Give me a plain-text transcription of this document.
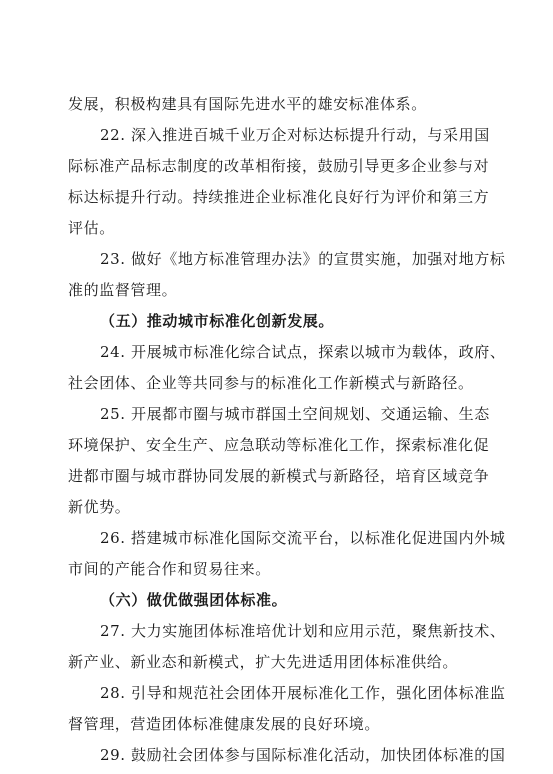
发展，积极构建具有国际先进水平的雄安标准体系。
22. 深入推进百城千业万企对标达标提升行动，与采用国
际标准产品标志制度的改革相衔接，鼓励引导更多企业参与对
标达标提升行动。持续推进企业标准化良好行为评价和第三方
评估。
23. 做好《地方标准管理办法》的宣贯实施，加强对地方标
准的监督管理。
（五）推动城市标准化创新发展。
24. 开展城市标准化综合试点，探索以城市为载体，政府、
社会团体、企业等共同参与的标准化工作新模式与新路径。
25. 开展都市圈与城市群国土空间规划、交通运输、生态
环境保护、安全生产、应急联动等标准化工作，探索标准化促
进都市圈与城市群协同发展的新模式与新路径，培育区域竞争
新优势。
26. 搭建城市标准化国际交流平台，以标准化促进国内外城
市间的产能合作和贸易往来。
（六）做优做强团体标准。
27. 大力实施团体标准培优计划和应用示范，聚焦新技术、
新产业、新业态和新模式，扩大先进适用团体标准供给。
28. 引导和规范社会团体开展标准化工作，强化团体标准监
督管理，营造团体标准健康发展的良好环境。
29. 鼓励社会团体参与国际标准化活动，加快团体标准的国
